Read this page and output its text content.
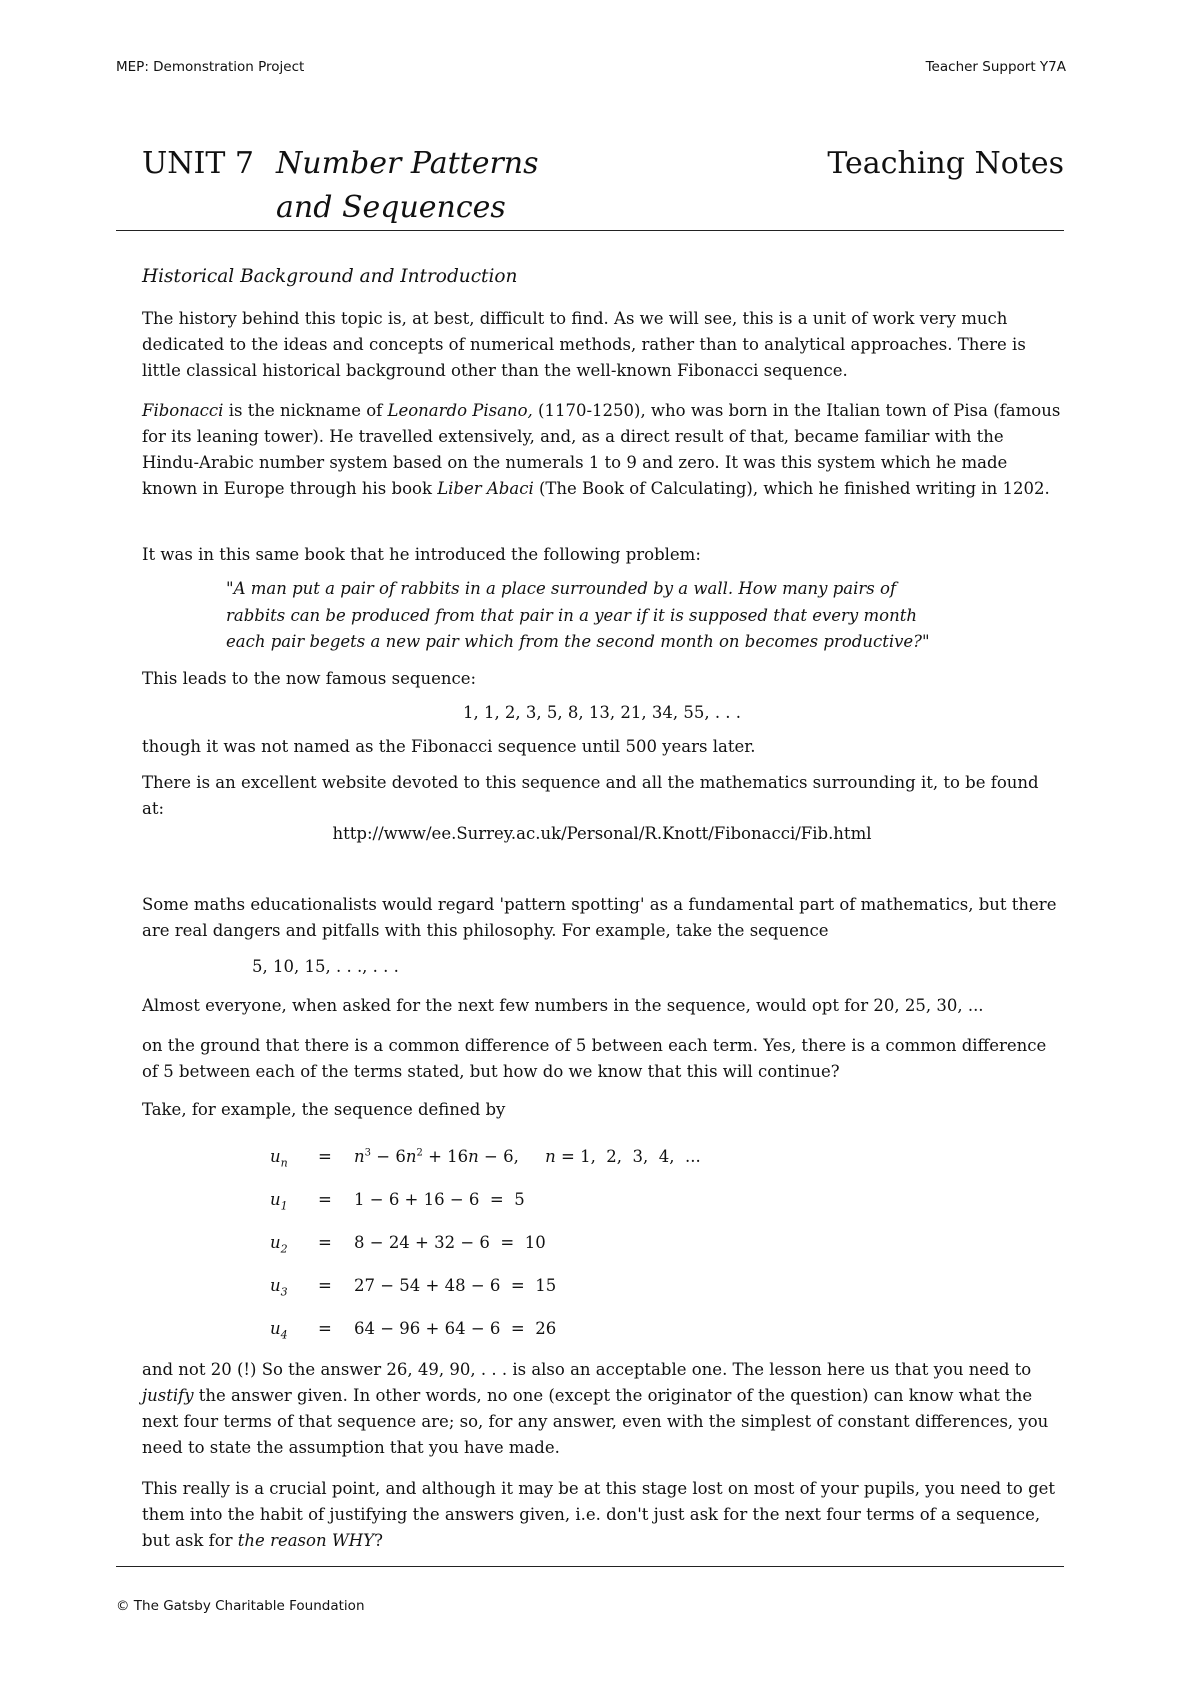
MEP: Demonstration Project	Teacher Support Y7A
UNIT 7 Number Patterns
and Sequences
Teaching Notes
Historical Background and Introduction

The history behind this topic is, at best, difficult to find. As we will see, this is a unit of work very much dedicated to the ideas and concepts of numerical methods, rather than to analytical approaches. There is little classical historical background other than the well-known Fibonacci sequence.

Fibonacci is the nickname of Leonardo Pisano, (1170-1250), who was born in the Italian town of Pisa (famous for its leaning tower). He travelled extensively, and, as a direct result of that, became familiar with the Hindu-Arabic number system based on the numerals 1 to 9 and zero. It was this system which he made known in Europe through his book Liber Abaci (The Book of Calculating), which he finished writing in 1202.

It was in this same book that he introduced the following problem:
"A man put a pair of rabbits in a place surrounded by a wall. How many pairs of
rabbits can be produced from that pair in a year if it is supposed that every month
each pair begets a new pair which from the second month on becomes productive?"
This leads to the now famous sequence:
1, 1, 2, 3, 5, 8, 13, 21, 34, 55, . . .
though it was not named as the Fibonacci sequence until 500 years later.
There is an excellent website devoted to this sequence and all the mathematics surrounding it, to be found at:
http://www/ee.Surrey.ac.uk/Personal/R.Knott/Fibonacci/Fib.html
Some maths educationalists would regard 'pattern spotting' as a fundamental part of mathematics, but there are real dangers and pitfalls with this philosophy. For example, take the sequence
5, 10, 15, . . ., . . .
Almost everyone, when asked for the next few numbers in the sequence, would opt for 20, 25, 30, ...
on the ground that there is a common difference of 5 between each term. Yes, there is a common difference of 5 between each of the terms stated, but how do we know that this will continue?
Take, for example, the sequence defined by
$u_n = n^3 - 6n^2 + 16n - 6$,     n = 1,  2,  3,  4,  ...
$u_1 = 1 - 6 + 16 - 6 = 5$
$u_2 = 8 - 24 + 32 - 6 = 10$
$u_3 = 27 - 54 + 48 - 6 = 15$
$u_4 = 64 - 96 + 64 - 6 = 26$

and not 20 (!) So the answer 26, 49, 90, . . . is also an acceptable one. The lesson here us that you need to justify the answer given. In other words, no one (except the originator of the question) can know what the next four terms of that sequence are; so, for any answer, even with the simplest of constant differences, you need to state the assumption that you have made.

This really is a crucial point, and although it may be at this stage lost on most of your pupils, you need to get them into the habit of justifying the answers given, i.e. don't just ask for the next four terms of a sequence, but ask for the reason WHY?

© The Gatsby Charitable Foundation
